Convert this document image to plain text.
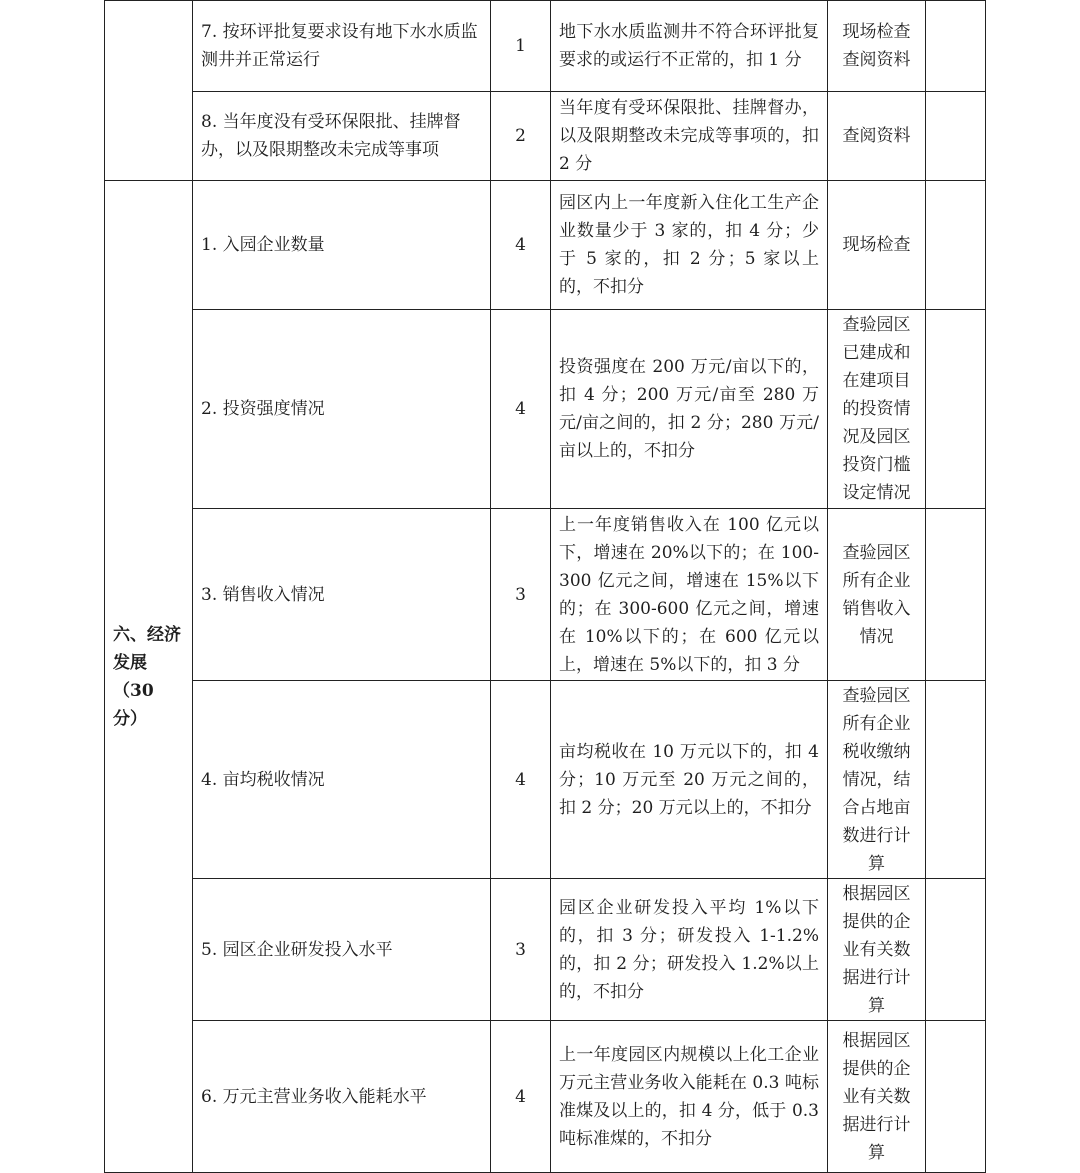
	7. 按环评批复要求设有地下水水质监测井并正常运行	1	地下水水质监测井不符合环评批复要求的或运行不正常的，扣 1 分	现场检查查阅资料	
	8. 当年度没有受环保限批、挂牌督办，以及限期整改未完成等事项	2	当年度有受环保限批、挂牌督办，以及限期整改未完成等事项的，扣 2 分	查阅资料	
六、经济发展（30 分）	1. 入园企业数量	4	园区内上一年度新入住化工生产企业数量少于 3 家的，扣 4 分；少于 5 家的，扣 2 分；5 家以上的，不扣分	现场检查	
	2. 投资强度情况	4	投资强度在 200 万元/亩以下的，扣 4 分；200 万元/亩至 280 万元/亩之间的，扣 2 分；280 万元/亩以上的，不扣分	查验园区已建成和在建项目的投资情况及园区投资门槛设定情况	
	3. 销售收入情况	3	上一年度销售收入在 100 亿元以下，增速在 20%以下的；在 100-300 亿元之间，增速在 15%以下的；在 300-600 亿元之间，增速在 10%以下的；在 600 亿元以上，增速在 5%以下的，扣 3 分	查验园区所有企业销售收入情况	
	4. 亩均税收情况	4	亩均税收在 10 万元以下的，扣 4 分；10 万元至 20 万元之间的，扣 2 分；20 万元以上的，不扣分	查验园区所有企业税收缴纳情况，结合占地亩数进行计算	
	5. 园区企业研发投入水平	3	园区企业研发投入平均 1%以下的，扣 3 分；研发投入 1-1.2%的，扣 2 分；研发投入 1.2%以上的，不扣分	根据园区提供的企业有关数据进行计算	
	6. 万元主营业务收入能耗水平	4	上一年度园区内规模以上化工企业万元主营业务收入能耗在 0.3 吨标准煤及以上的，扣 4 分，低于 0.3 吨标准煤的，不扣分	根据园区提供的企业有关数据进行计算	
